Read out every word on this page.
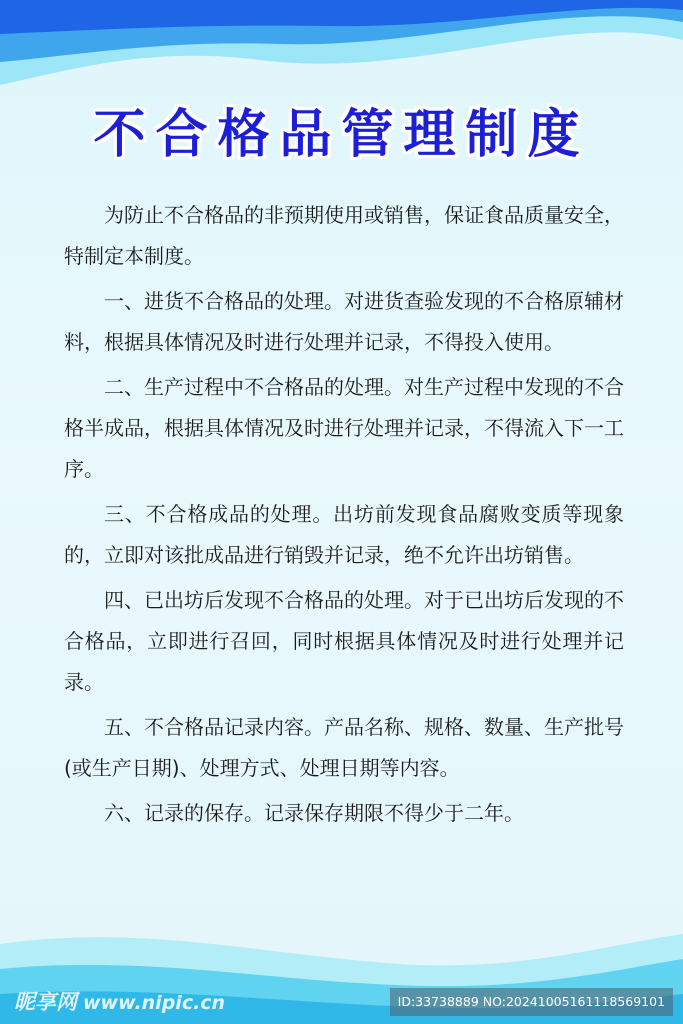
不合格品管理制度

为防止不合格品的非预期使用或销售，保证食品质量安全，特制定本制度。

一、进货不合格品的处理。对进货查验发现的不合格原辅材料，根据具体情况及时进行处理并记录，不得投入使用。

二、生产过程中不合格品的处理。对生产过程中发现的不合格半成品，根据具体情况及时进行处理并记录，不得流入下一工序。

三、不合格成品的处理。出坊前发现食品腐败变质等现象的，立即对该批成品进行销毁并记录，绝不允许出坊销售。

四、已出坊后发现不合格品的处理。对于已出坊后发现的不合格品，立即进行召回，同时根据具体情况及时进行处理并记录。

五、不合格品记录内容。产品名称、规格、数量、生产批号(或生产日期)、处理方式、处理日期等内容。

六、记录的保存。记录保存期限不得少于二年。

昵享网 www.nipic.cn	ID:33738889 NO:20241005161118569101
